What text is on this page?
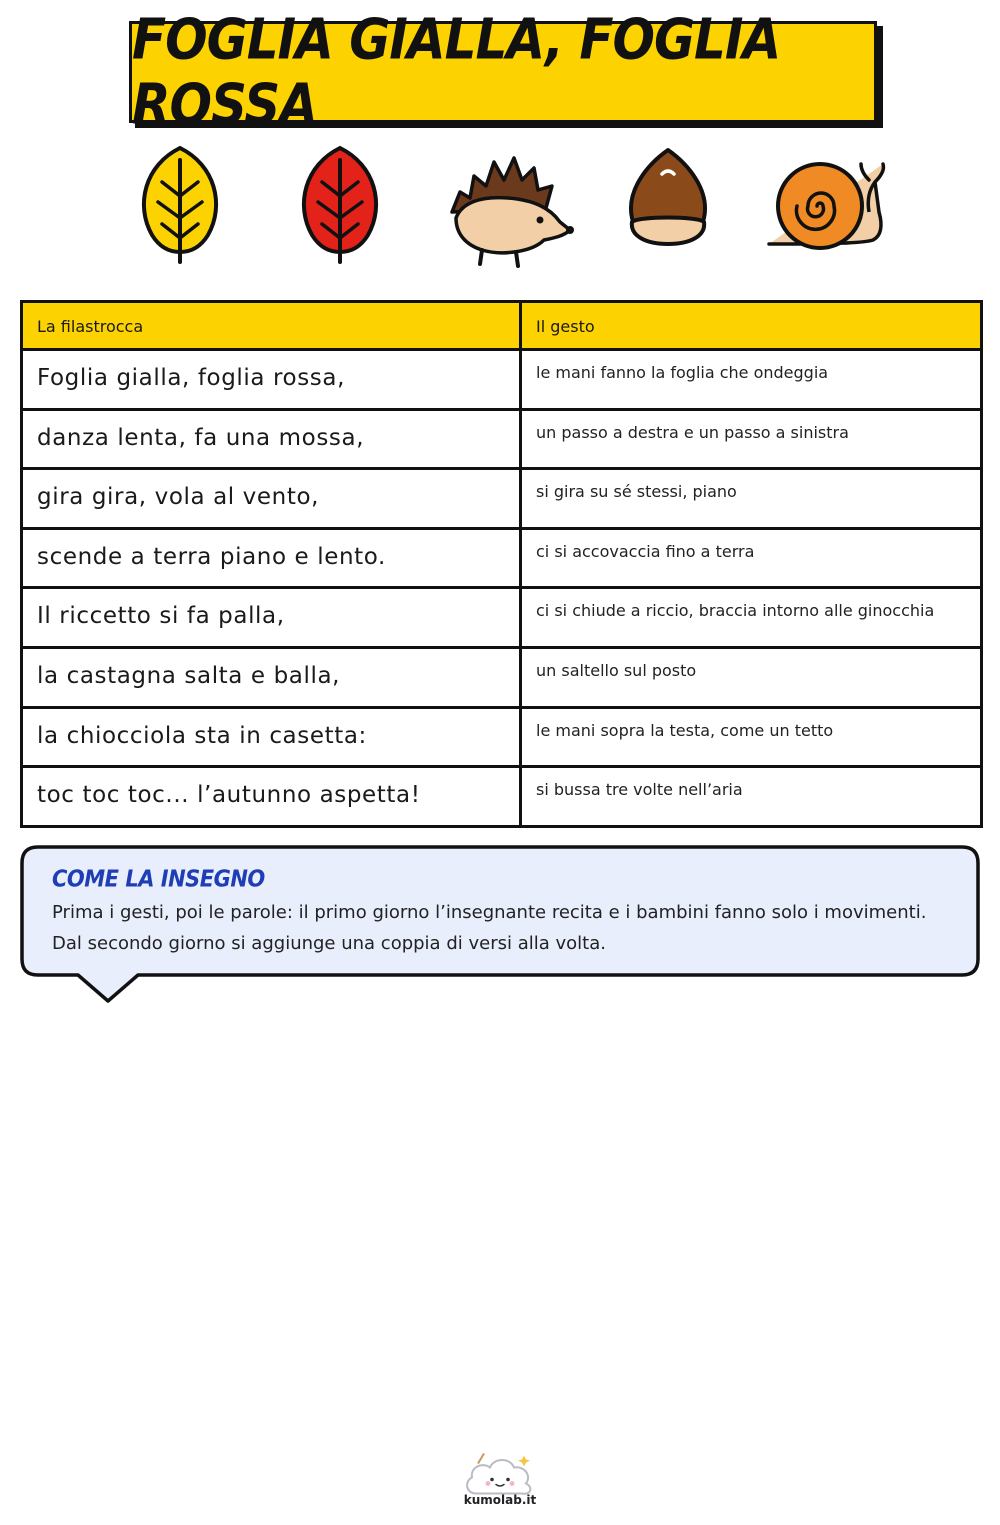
FOGLIA GIALLA, FOGLIA ROSSA
La filastrocca	Il gesto
Foglia gialla, foglia rossa,	le mani fanno la foglia che ondeggia
danza lenta, fa una mossa,	un passo a destra e un passo a sinistra
gira gira, vola al vento,	si gira su sé stessi, piano
scende a terra piano e lento.	ci si accovaccia fino a terra
Il riccetto si fa palla,	ci si chiude a riccio, braccia intorno alle ginocchia
la castagna salta e balla,	un saltello sul posto
la chiocciola sta in casetta:	le mani sopra la testa, come un tetto
toc toc toc... l’autunno aspetta!	si bussa tre volte nell’aria
COME LA INSEGNO
Prima i gesti, poi le parole: il primo giorno l’insegnante recita e i bambini fanno solo i movimenti. Dal secondo giorno si aggiunge una coppia di versi alla volta.
kumolab.it
